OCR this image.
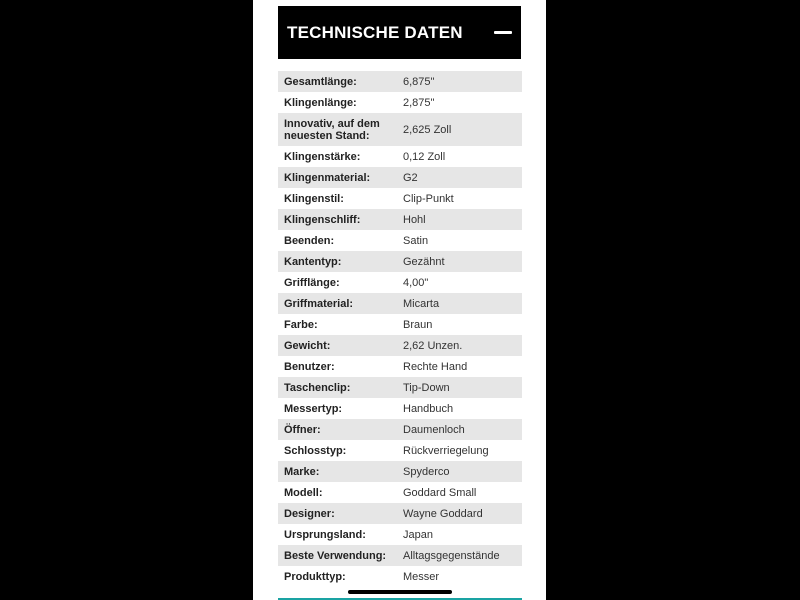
TECHNISCHE DATEN
Gesamtlänge:	6,875"
Klingenlänge:	2,875"
Innovativ, auf dem neuesten Stand:	2,625 Zoll
Klingenstärke:	0,12 Zoll
Klingenmaterial:	G2
Klingenstil:	Clip-Punkt
Klingenschliff:	Hohl
Beenden:	Satin
Kantentyp:	Gezähnt
Grifflänge:	4,00"
Griffmaterial:	Micarta
Farbe:	Braun
Gewicht:	2,62 Unzen.
Benutzer:	Rechte Hand
Taschenclip:	Tip-Down
Messertyp:	Handbuch
Öffner:	Daumenloch
Schlosstyp:	Rückverriegelung
Marke:	Spyderco
Modell:	Goddard Small
Designer:	Wayne Goddard
Ursprungsland:	Japan
Beste Verwendung:	Alltagsgegenstände
Produkttyp:	Messer
